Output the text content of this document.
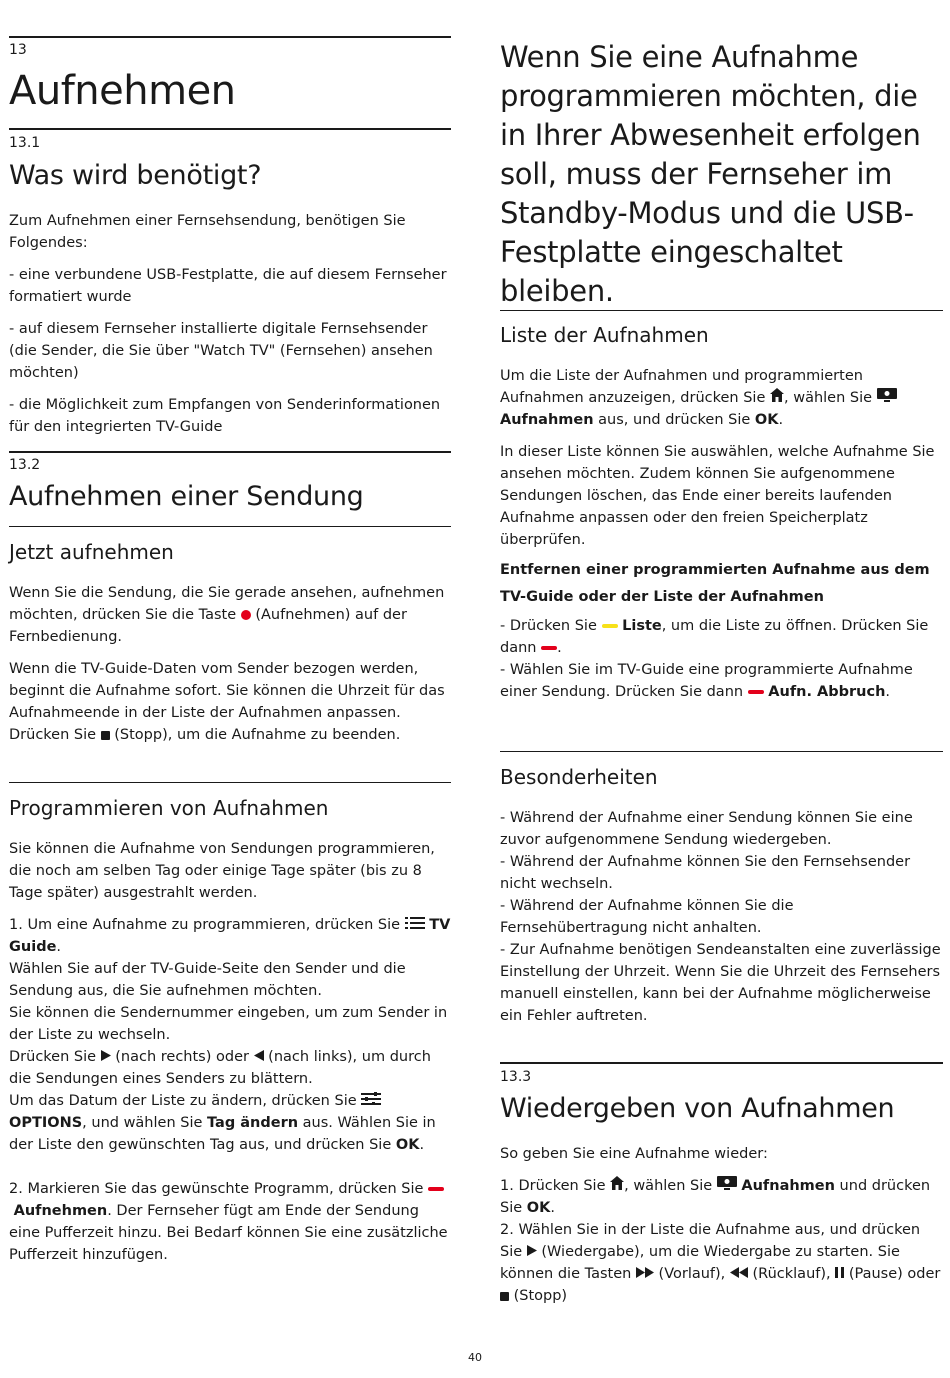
13
Aufnehmen
13.1
Was wird benötigt?

Zum Aufnehmen einer Fernsehsendung, benötigen Sie Folgendes:

- eine verbundene USB-Festplatte, die auf diesem Fernseher formatiert wurde

- auf diesem Fernseher installierte digitale Fernsehsender (die Sender, die Sie über "Watch TV" (Fernsehen) ansehen möchten)

- die Möglichkeit zum Empfangen von Senderinformationen für den integrierten TV-Guide

13.2
Aufnehmen einer Sendung
Jetzt aufnehmen

Wenn Sie die Sendung, die Sie gerade ansehen, aufnehmen möchten, drücken Sie die Taste  (Aufnehmen) auf der Fernbedienung.

Wenn die TV-Guide-Daten vom Sender bezogen werden, beginnt die Aufnahme sofort. Sie können die Uhrzeit für das Aufnahmeende in der Liste der Aufnahmen anpassen. Drücken Sie  (Stopp), um die Aufnahme zu beenden.

Programmieren von Aufnahmen

Sie können die Aufnahme von Sendungen programmieren, die noch am selben Tag oder einige Tage später (bis zu 8 Tage später) ausgestrahlt werden.

1. Um eine Aufnahme zu programmieren, drücken Sie  TV Guide.
Wählen Sie auf der TV-Guide-Seite den Sender und die Sendung aus, die Sie aufnehmen möchten.
Sie können die Sendernummer eingeben, um zum Sender in der Liste zu wechseln.
Drücken Sie  (nach rechts) oder  (nach links), um durch die Sendungen eines Senders zu blättern.
Um das Datum der Liste zu ändern, drücken Sie  OPTIONS, und wählen Sie Tag ändern aus. Wählen Sie in der Liste den gewünschten Tag aus, und drücken Sie OK.

2. Markieren Sie das gewünschte Programm, drücken Sie
Aufnehmen. Der Fernseher fügt am Ende der Sendung eine Pufferzeit hinzu. Bei Bedarf können Sie eine zusätzliche Pufferzeit hinzufügen.

Wenn Sie eine Aufnahme programmieren möchten, die in Ihrer Abwesenheit erfolgen soll, muss der Fernseher im Standby-Modus und die USB-Festplatte eingeschaltet bleiben.
Liste der Aufnahmen

Um die Liste der Aufnahmen und programmierten Aufnahmen anzuzeigen, drücken Sie , wählen Sie  Aufnahmen aus, und drücken Sie OK.

In dieser Liste können Sie auswählen, welche Aufnahme Sie ansehen möchten. Zudem können Sie aufgenommene Sendungen löschen, das Ende einer bereits laufenden Aufnahme anpassen oder den freien Speicherplatz überprüfen.

Entfernen einer programmierten Aufnahme aus dem TV-Guide oder der Liste der Aufnahmen

- Drücken Sie  Liste, um die Liste zu öffnen. Drücken Sie dann .
- Wählen Sie im TV-Guide eine programmierte Aufnahme einer Sendung. Drücken Sie dann  Aufn. Abbruch.

Besonderheiten

- Während der Aufnahme einer Sendung können Sie eine zuvor aufgenommene Sendung wiedergeben.

- Während der Aufnahme können Sie den Fernsehsender nicht wechseln.

- Während der Aufnahme können Sie die Fernsehübertragung nicht anhalten.

- Zur Aufnahme benötigen Sendeanstalten eine zuverlässige Einstellung der Uhrzeit. Wenn Sie die Uhrzeit des Fernsehers manuell einstellen, kann bei der Aufnahme möglicherweise ein Fehler auftreten.

13.3
Wiedergeben von Aufnahmen

So geben Sie eine Aufnahme wieder:

1. Drücken Sie , wählen Sie  Aufnahmen und drücken Sie OK.
2. Wählen Sie in der Liste die Aufnahme aus, und drücken Sie  (Wiedergabe), um die Wiedergabe zu starten. Sie können die Tasten  (Vorlauf),  (Rücklauf),  (Pause) oder  (Stopp)

40
